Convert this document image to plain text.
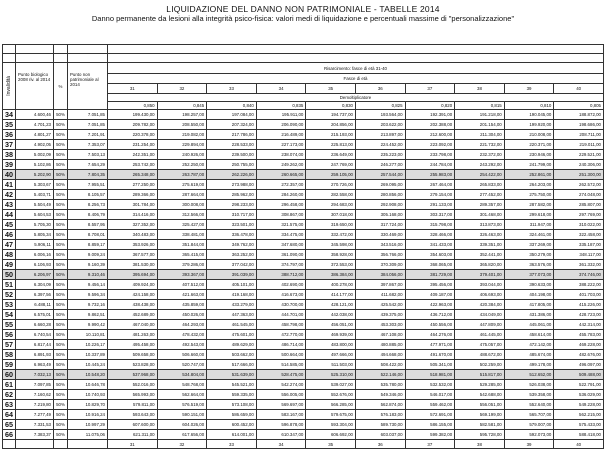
LIQUIDAZIONE DEL DANNO NON PATRIMONIALE - TABELLE 2014
Danno permanente da lesioni alla integrità psico-fisica: valori medi di liquidazione e percentuali massime di "personalizzazione"

Invalidità	Punto biologico 2008 riv. al 2014	%	Punto non patrimoniale al 2014	Risarcimento: fasce di età 31-40									
				Fasce di età									
				31	32	33	34	35	36	37	38	39	40
				Demoltiplicatore									
				0,850	0,845	0,840	0,835	0,830	0,825	0,820	0,815	0,810	0,805
34	4.600,46	50%	7.051,85	199.430,00	198.257,00	197.084,00	195.911,00	194.737,00	193.564,00	192.391,00	191.218,00	190.045,00	188.872,00
35	4.701,23	50%	7.051,85	209.782,00	208.550,00	207.324,00	206.090,00	204.856,00	203.622,00	202.388,00	201.154,00	199.920,00	198.686,00
36	4.801,27	50%	7.201,91	220.378,00	219.082,00	217.786,00	216.489,00	215.193,00	213.897,00	212.600,00	211.304,00	210.008,00	208.711,00
37	4.902,05	50%	7.353,07	231.254,00	229.894,00	228.533,00	227.173,00	225.813,00	224.452,00	223.092,00	221.732,00	220.371,00	219.011,00
38	5.002,09	50%	7.503,13	242.351,00	240.926,00	239.500,00	238.074,00	236.649,00	235.223,00	233.798,00	232.372,00	230.946,00	229.521,00
39	5.102,86	50%	7.654,29	253.742,00	252.250,00	250.755,00	249.262,00	247.769,00	246.277,00	244.784,00	243.292,00	241.799,00	240.306,00
40	5.202,90	50%	7.804,35	265.348,00	263.787,00	262.226,00	260.665,00	259.105,00	257.544,00	255.983,00	254.422,00	252.861,00	251.300,00
41	5.303,67	50%	7.955,51	277.250,00	275.619,00	273.988,00	272.357,00	270.726,00	269.095,00	267.464,00	265.833,00	264.203,00	262.572,00
42	5.403,71	50%	8.105,57	289.366,00	287.664,00	285.962,00	284.260,00	282.558,00	280.856,00	279.154,00	277.452,00	275.750,00	274.048,00
43	5.504,49	50%	8.256,73	301.784,00	300.008,00	298.233,00	296.458,00	294.683,00	292.908,00	291.133,00	289.357,00	287.582,00	285.807,00
44	5.604,53	50%	8.406,79	314.416,00	312.566,00	310.717,00	308.867,00	307.018,00	305.168,00	303.317,00	301.468,00	299.618,00	297.769,00
45	5.705,30	50%	8.557,95	327.352,00	325.427,00	323.501,00	321.575,00	319.650,00	317.724,00	315.798,00	313.873,00	311.947,00	310.022,00
46	5.805,34	50%	8.708,01	340.483,00	338.481,00	336.478,00	334.475,00	332.472,00	330.469,00	328.466,00	326.463,00	324.461,00	322.458,00
47	5.906,11	50%	8.859,17	353.926,00	351.844,00	349.762,00	347.680,00	345.598,00	343.516,00	341.433,00	339.351,00	337.269,00	335.187,00
48	6.006,16	50%	9.009,24	367.577,00	365.415,00	363.252,00	361.090,00	358.928,00	356.766,00	354.603,00	352.441,00	350.279,00	348.117,00
49	6.106,93	50%	9.160,39	381.530,00	379.286,00	377.042,00	374.797,00	372.553,00	370.309,00	368.065,00	365.820,00	363.576,00	361.332,00
50	6.206,97	50%	9.310,46	395.694,00	393.367,00	391.039,00	388.712,00	386.384,00	384.056,00	381.729,00	379.401,00	377.073,00	374.746,00
51	6.304,09	50%	9.456,14	409.924,00	407.512,00	405.101,00	402.690,00	400.278,00	397.867,00	395.456,00	393.044,00	390.633,00	388.222,00
52	6.397,56	50%	9.596,34	424.158,00	421.663,00	419.168,00	416.673,00	414.177,00	411.682,00	409.187,00	406.693,00	404.198,00	401.703,00
53	6.488,11	50%	9.732,16	438.438,00	435.859,00	433.279,00	430.700,00	428.121,00	425.542,00	422.963,00	420.384,00	417.805,00	415.226,00
54	6.575,01	50%	9.862,51	452.689,00	450.026,00	447.363,00	444.701,00	442.038,00	439.375,00	436.712,00	434.049,00	431.386,00	428.723,00
55	6.660,28	50%	9.990,42	467.040,00	464.293,00	461.545,00	458.798,00	456.051,00	453.303,00	450.556,00	447.809,00	445.061,00	442.314,00
56	6.740,54	50%	10.110,81	481.263,00	478.432,00	475.601,00	472.770,00	469.939,00	467.108,00	464.276,00	461.445,00	458.614,00	455.783,00
57	6.817,44	50%	10.226,17	495.458,00	492.543,00	489.629,00	486.714,00	483.800,00	480.885,00	477.971,00	475.057,00	472.142,00	469.228,00
58	6.891,93	50%	10.337,89	509.658,00	506.660,00	503.662,00	500.664,00	497.666,00	494.668,00	491.670,00	488.672,00	485.674,00	482.676,00
59	6.963,49	50%	10.445,24	523.828,00	520.747,00	517.666,00	514.585,00	511.503,00	508.422,00	505.341,00	502.259,00	499.178,00	496.097,00
60	7.032,13	50%	10.548,20	537.968,00	534.804,00	531.639,00	528.475,00	525.310,00	522.146,00	518.981,00	515.817,00	512.652,00	509.488,00
61	7.097,85	50%	10.646,78	552.016,00	548.768,00	545.521,00	542.274,00	539.027,00	535.780,00	532.532,00	529.285,00	526.038,00	522.791,00
62	7.160,62	50%	10.740,93	565.993,00	562.664,00	559.335,00	556.005,00	552.676,00	549.346,00	546.017,00	542.688,00	539.358,00	536.029,00
63	7.219,80	50%	10.829,70	579.811,00	576.519,00	573.108,00	569.697,00	566.285,00	562.874,00	559.462,00	556.051,00	552.640,00	549.228,00
64	7.277,49	50%	10.916,24	593.643,00	590.151,00	586.659,00	583.167,00	579.675,00	576.183,00	572.691,00	569.199,00	565.707,00	562.215,00
65	7.331,53	50%	10.997,29	607.600,00	604.026,00	600.452,00	596.878,00	593.304,00	589.730,00	586.155,00	582.581,00	579.007,00	575.433,00
66	7.383,37	50%	11.075,06	621.311,00	617.656,00	614.001,00	610.347,00	606.692,00	603.037,00	599.382,00	595.728,00	592.073,00	588.418,00
				31	32	33	34	35	36	37	38	39	40
